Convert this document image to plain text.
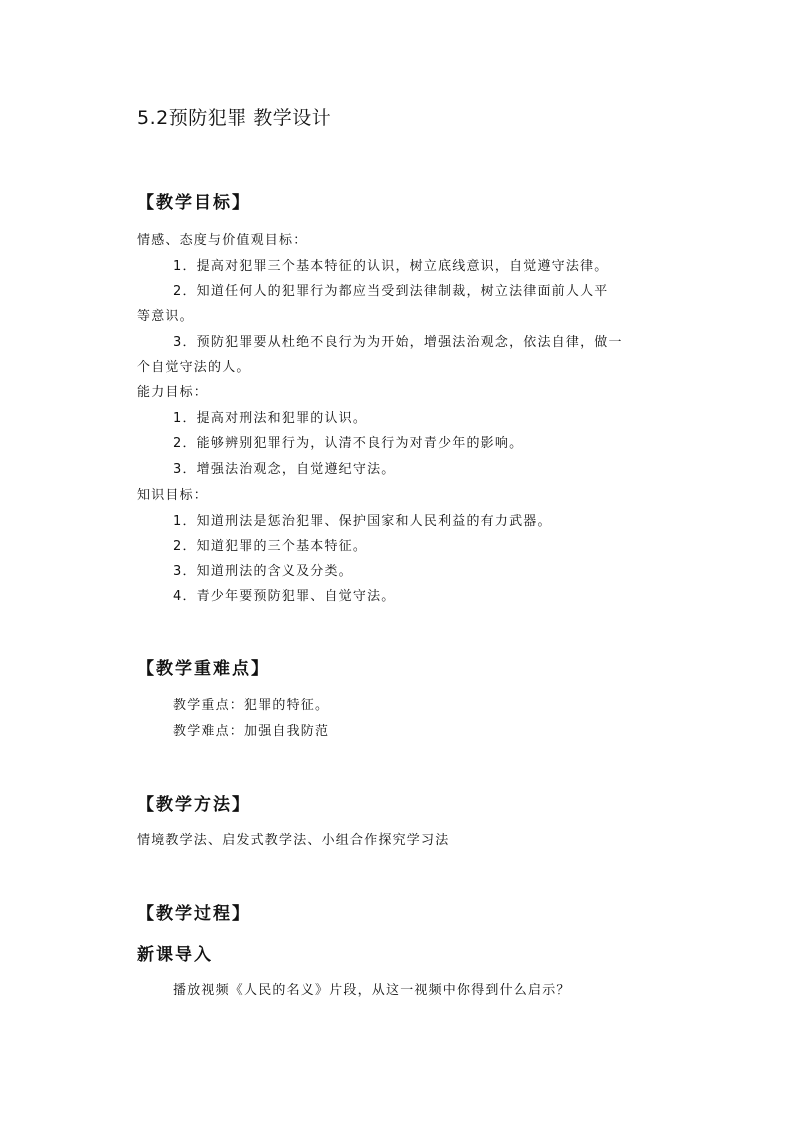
5.2预防犯罪 教学设计
【教学目标】
情感、态度与价值观目标：
1．提高对犯罪三个基本特征的认识，树立底线意识，自觉遵守法律。
2．知道任何人的犯罪行为都应当受到法律制裁，树立法律面前人人平
等意识。
3．预防犯罪要从杜绝不良行为为开始，增强法治观念，依法自律，做一
个自觉守法的人。
能力目标：
1．提高对刑法和犯罪的认识。
2．能够辨别犯罪行为，认清不良行为对青少年的影响。
3．增强法治观念，自觉遵纪守法。
知识目标：
1．知道刑法是惩治犯罪、保护国家和人民利益的有力武器。
2．知道犯罪的三个基本特征。
3．知道刑法的含义及分类。
4．青少年要预防犯罪、自觉守法。
【教学重难点】
教学重点：犯罪的特征。
教学难点：加强自我防范
【教学方法】
情境教学法、启发式教学法、小组合作探究学习法
【教学过程】
新课导入
播放视频《人民的名义》片段，从这一视频中你得到什么启示？
